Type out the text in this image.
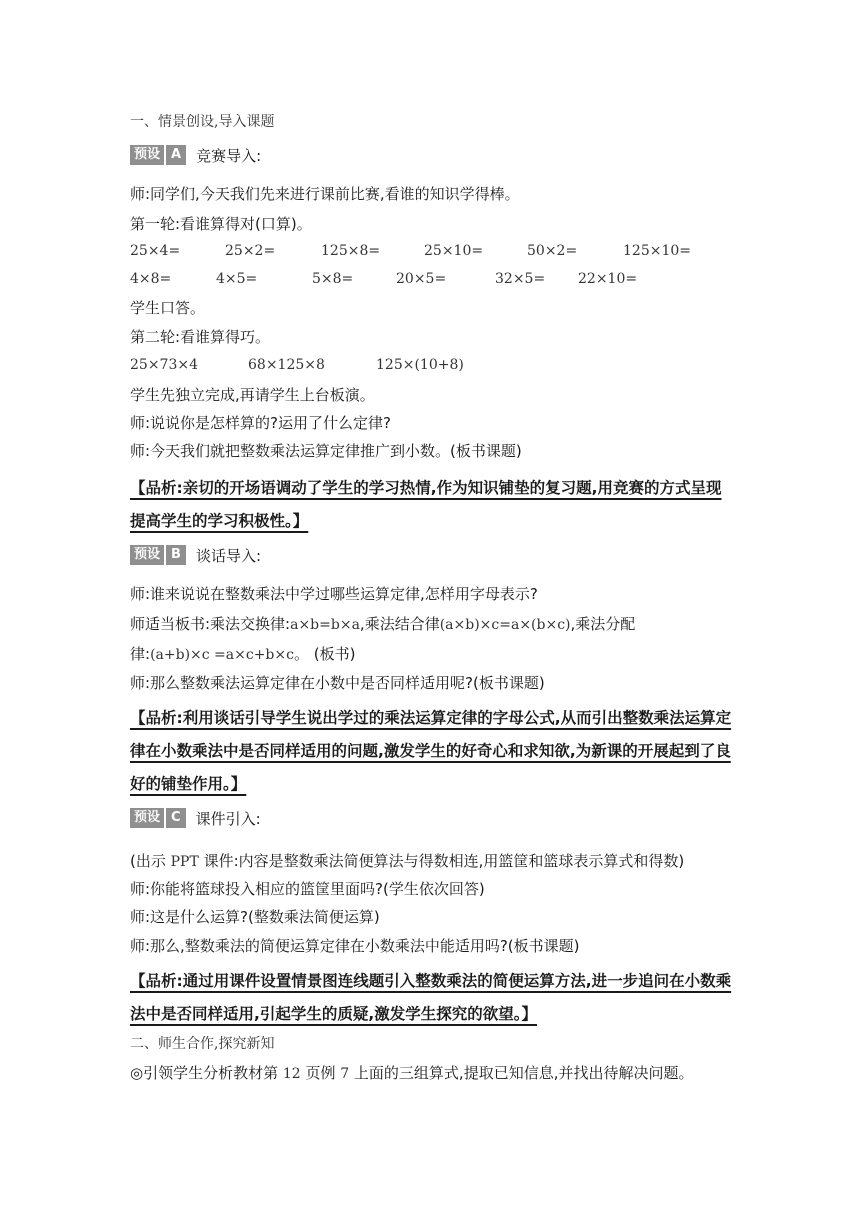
一、情景创设,导入课题
预设 A	竞赛导入:
师:同学们,今天我们先来进行课前比赛,看谁的知识学得棒。
第一轮:看谁算得对(口算)。
25×4=	25×2=	125×8=	25×10=	50×2=	125×10=
4×8=	4×5=	5×8=	20×5=	32×5= 22×10=
学生口答。
第二轮:看谁算得巧。
25×73×4	68×125×8	125×(10+8)
学生先独立完成,再请学生上台板演。
师:说说你是怎样算的?运用了什么定律?
师:今天我们就把整数乘法运算定律推广到小数。(板书课题)
【品析:亲切的开场语调动了学生的学习热情,作为知识铺垫的复习题,用竞赛的方式呈现提高学生的学习积极性。】
预设 B	谈话导入:
师:谁来说说在整数乘法中学过哪些运算定律,怎样用字母表示?
师适当板书:乘法交换律:a×b=b×a,乘法结合律(a×b)×c=a×(b×c),乘法分配
律:(a+b)×c =a×c+b×c。 (板书)
师:那么整数乘法运算定律在小数中是否同样适用呢?(板书课题)
【品析:利用谈话引导学生说出学过的乘法运算定律的字母公式,从而引出整数乘法运算定律在小数乘法中是否同样适用的问题,激发学生的好奇心和求知欲,为新课的开展起到了良好的铺垫作用。】
预设 C	课件引入:
(出示 PPT 课件:内容是整数乘法简便算法与得数相连,用篮筐和篮球表示算式和得数)
师:你能将篮球投入相应的篮筐里面吗?(学生依次回答)
师:这是什么运算?(整数乘法简便运算)
师:那么,整数乘法的简便运算定律在小数乘法中能适用吗?(板书课题)
【品析:通过用课件设置情景图连线题引入整数乘法的简便运算方法,进一步追问在小数乘法中是否同样适用,引起学生的质疑,激发学生探究的欲望。】
二、师生合作,探究新知
◎引领学生分析教材第 12 页例 7 上面的三组算式,提取已知信息,并找出待解决问题。
